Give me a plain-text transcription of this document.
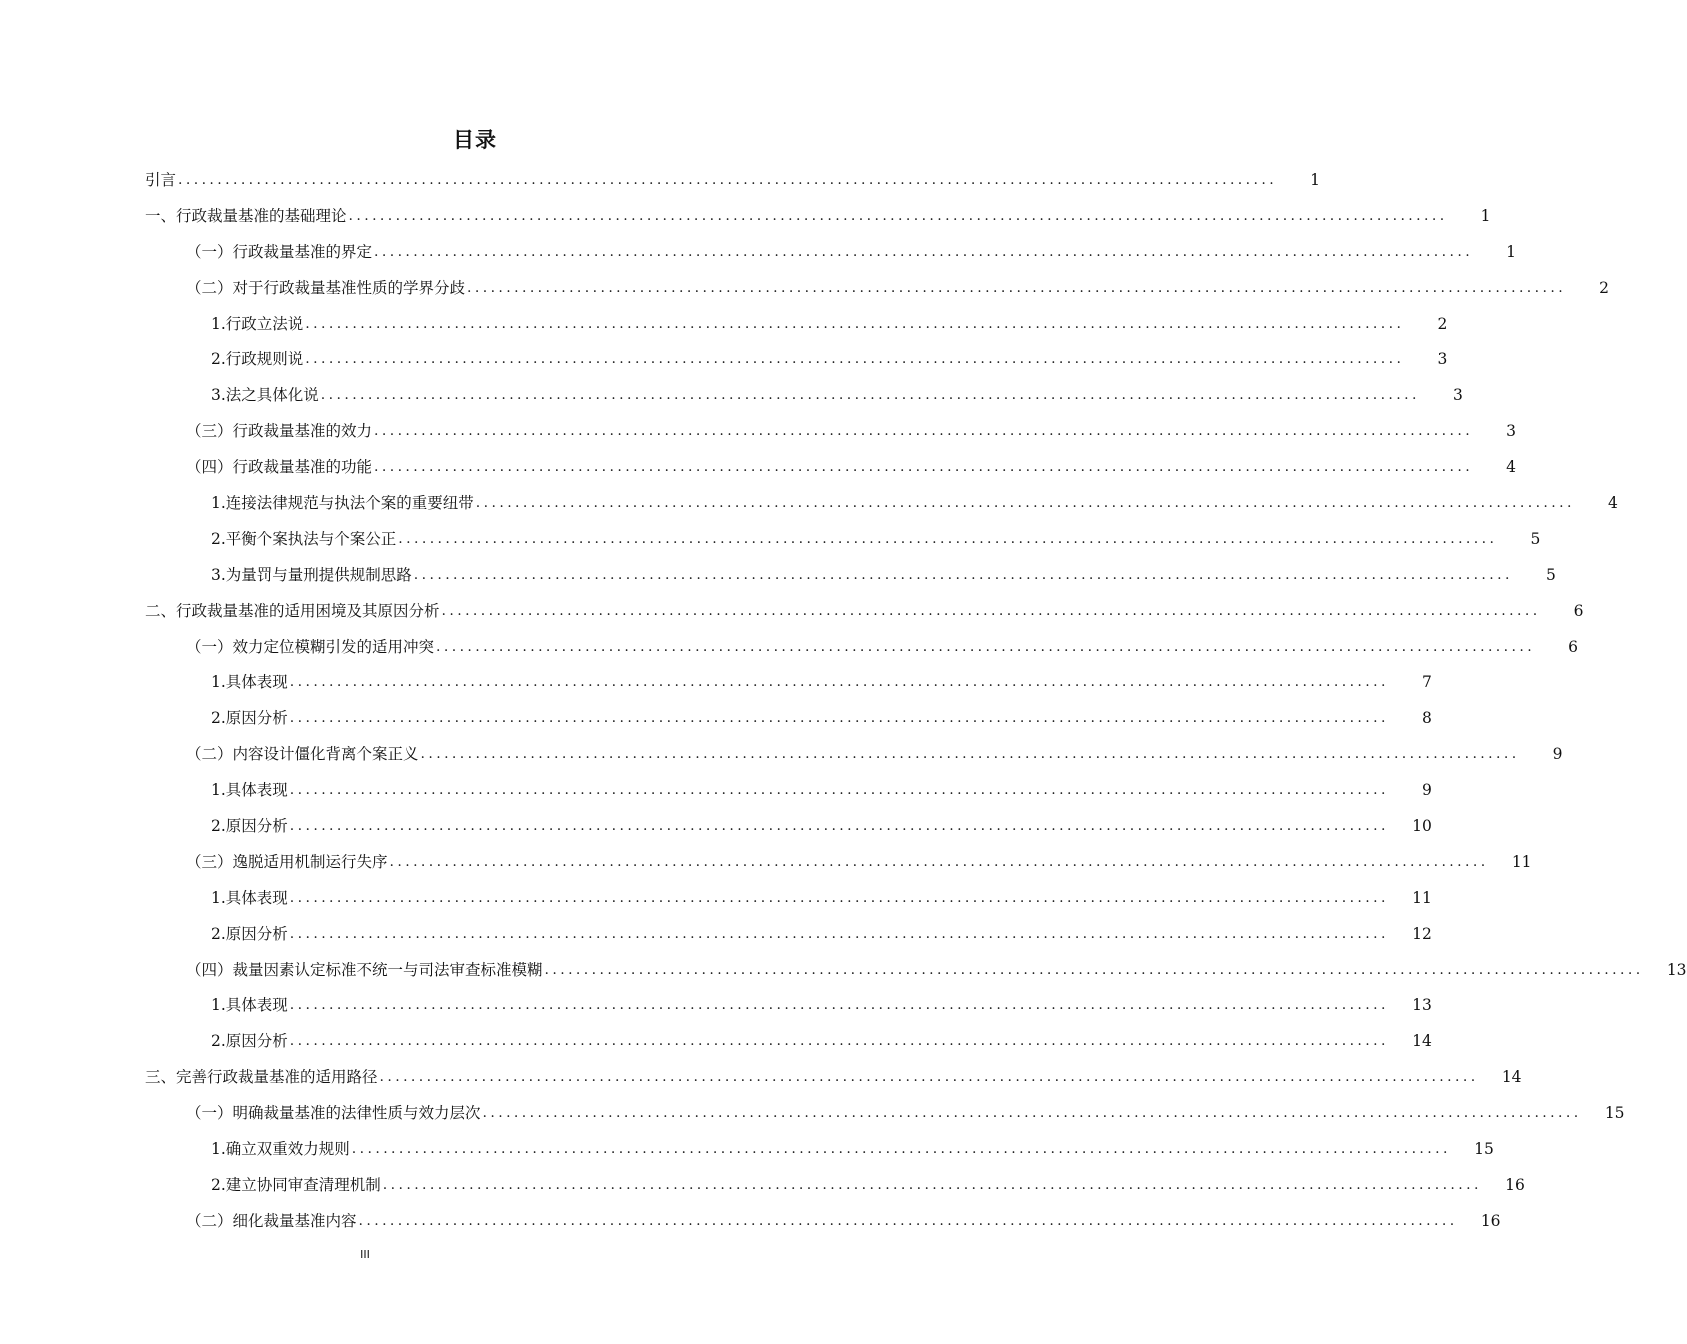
目录
引言 ............................................................................................................................................	1
一、行政裁量基准的基础理论 ............................................................................................................................................	1
（一）行政裁量基准的界定 ............................................................................................................................................	1
（二）对于行政裁量基准性质的学界分歧 ............................................................................................................................................	2
1.行政立法说 ............................................................................................................................................	2
2.行政规则说 ............................................................................................................................................	3
3.法之具体化说 ............................................................................................................................................	3
（三）行政裁量基准的效力 ............................................................................................................................................	3
（四）行政裁量基准的功能 ............................................................................................................................................	4
1.连接法律规范与执法个案的重要纽带 ............................................................................................................................................	4
2.平衡个案执法与个案公正 ............................................................................................................................................	5
3.为量罚与量刑提供规制思路 ............................................................................................................................................	5
二、行政裁量基准的适用困境及其原因分析 ............................................................................................................................................	6
（一）效力定位模糊引发的适用冲突 ............................................................................................................................................	6
1.具体表现 ............................................................................................................................................	7
2.原因分析 ............................................................................................................................................	8
（二）内容设计僵化背离个案正义 ............................................................................................................................................	9
1.具体表现 ............................................................................................................................................	9
2.原因分析 ............................................................................................................................................	10
（三）逸脱适用机制运行失序 ............................................................................................................................................	11
1.具体表现 ............................................................................................................................................	11
2.原因分析 ............................................................................................................................................	12
（四）裁量因素认定标准不统一与司法审查标准模糊 ............................................................................................................................................	13
1.具体表现 ............................................................................................................................................	13
2.原因分析 ............................................................................................................................................	14
三、完善行政裁量基准的适用路径 ............................................................................................................................................	14
（一）明确裁量基准的法律性质与效力层次 ............................................................................................................................................	15
1.确立双重效力规则 ............................................................................................................................................	15
2.建立协同审查清理机制 ............................................................................................................................................	16
（二）细化裁量基准内容 ............................................................................................................................................	16
III
